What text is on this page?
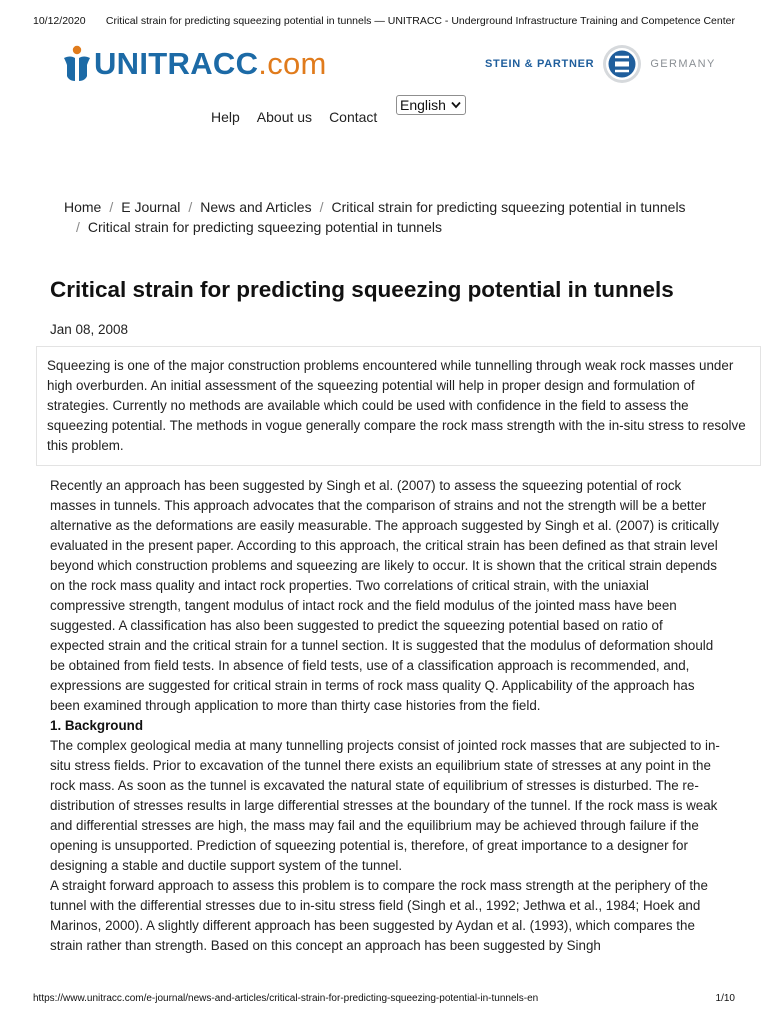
10/12/2020	Critical strain for predicting squeezing potential in tunnels — UNITRACC - Underground Infrastructure Training and Competence Center
UNITRACC.com	STEIN & PARTNER	GERMANY
Help About us Contact
English
Home / E Journal / News and Articles / Critical strain for predicting squeezing potential in tunnels
/ Critical strain for predicting squeezing potential in tunnels
Critical strain for predicting squeezing potential in tunnels
Jan 08, 2008
Squeezing is one of the major construction problems encountered while tunnelling through weak rock masses under high overburden. An initial assessment of the squeezing potential will help in proper design and formulation of strategies. Currently no methods are available which could be used with confidence in the field to assess the squeezing potential. The methods in vogue generally compare the rock mass strength with the in-situ stress to resolve this problem.

Recently an approach has been suggested by Singh et al. (2007) to assess the squeezing potential of rock masses in tunnels. This approach advocates that the comparison of strains and not the strength will be a better alternative as the deformations are easily measurable. The approach suggested by Singh et al. (2007) is critically evaluated in the present paper. According to this approach, the critical strain has been defined as that strain level beyond which construction problems and squeezing are likely to occur. It is shown that the critical strain depends on the rock mass quality and intact rock properties. Two correlations of critical strain, with the uniaxial compressive strength, tangent modulus of intact rock and the field modulus of the jointed mass have been suggested. A classification has also been suggested to predict the squeezing potential based on ratio of expected strain and the critical strain for a tunnel section. It is suggested that the modulus of deformation should be obtained from field tests. In absence of field tests, use of a classification approach is recommended, and, expressions are suggested for critical strain in terms of rock mass quality Q. Applicability of the approach has been examined through application to more than thirty case histories from the field.

1. Background

The complex geological media at many tunnelling projects consist of jointed rock masses that are subjected to in-situ stress fields. Prior to excavation of the tunnel there exists an equilibrium state of stresses at any point in the rock mass. As soon as the tunnel is excavated the natural state of equilibrium of stresses is disturbed. The re-distribution of stresses results in large differential stresses at the boundary of the tunnel. If the rock mass is weak and differential stresses are high, the mass may fail and the equilibrium may be achieved through failure if the opening is unsupported. Prediction of squeezing potential is, therefore, of great importance to a designer for designing a stable and ductile support system of the tunnel.

A straight forward approach to assess this problem is to compare the rock mass strength at the periphery of the tunnel with the differential stresses due to in-situ stress field (Singh et al., 1992; Jethwa et al., 1984; Hoek and Marinos, 2000). A slightly different approach has been suggested by Aydan et al. (1993), which compares the strain rather than strength. Based on this concept an approach has been suggested by Singh

https://www.unitracc.com/e-journal/news-and-articles/critical-strain-for-predicting-squeezing-potential-in-tunnels-en	1/10
